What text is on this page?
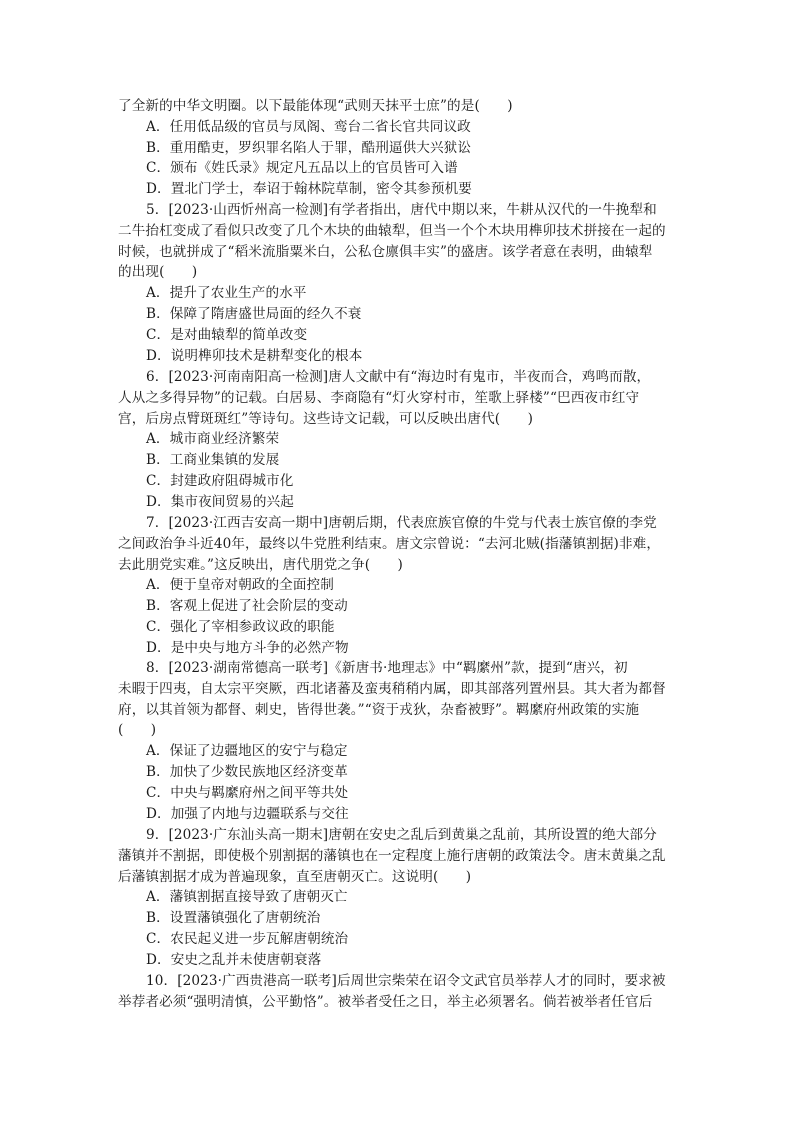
了全新的中华文明圈。以下最能体现“武则天抹平士庶”的是(　　)
A．任用低品级的官员与凤阁、鸾台二省长官共同议政
B．重用酷吏，罗织罪名陷人于罪，酷刑逼供大兴狱讼
C．颁布《姓氏录》规定凡五品以上的官员皆可入谱
D．置北门学士，奉诏于翰林院草制，密令其参预机要
5．[2023·山西忻州高一检测]有学者指出，唐代中期以来，牛耕从汉代的一牛挽犁和
二牛抬杠变成了看似只改变了几个木块的曲辕犁，但当一个个木块用榫卯技术拼接在一起的
时候，也就拼成了“稻米流脂粟米白，公私仓廪俱丰实”的盛唐。该学者意在表明，曲辕犁
的出现(　　)
A．提升了农业生产的水平
B．保障了隋唐盛世局面的经久不衰
C．是对曲辕犁的简单改变
D．说明榫卯技术是耕犁变化的根本
6．[2023·河南南阳高一检测]唐人文献中有“海边时有鬼市，半夜而合，鸡鸣而散，
人从之多得异物”的记载。白居易、李商隐有“灯火穿村市，笙歌上驿楼”“巴西夜市红守
宫，后房点臂斑斑红”等诗句。这些诗文记载，可以反映出唐代(　　)
A．城市商业经济繁荣
B．工商业集镇的发展
C．封建政府阻碍城市化
D．集市夜间贸易的兴起
7．[2023·江西吉安高一期中]唐朝后期，代表庶族官僚的牛党与代表士族官僚的李党
之间政治争斗近40年，最终以牛党胜利结束。唐文宗曾说：“去河北贼(指藩镇割据)非难，
去此朋党实难。”这反映出，唐代朋党之争(　　)
A．便于皇帝对朝政的全面控制
B．客观上促进了社会阶层的变动
C．强化了宰相参政议政的职能
D．是中央与地方斗争的必然产物
8．[2023·湖南常德高一联考]《新唐书·地理志》中“羁縻州”款，提到“唐兴，初
未暇于四夷，自太宗平突厥，西北诸蕃及蛮夷稍稍内属，即其部落列置州县。其大者为都督
府，以其首领为都督、刺史，皆得世袭。”“资于戎狄，杂畜被野”。羁縻府州政策的实施
(　　)
A．保证了边疆地区的安宁与稳定
B．加快了少数民族地区经济变革
C．中央与羁縻府州之间平等共处
D．加强了内地与边疆联系与交往
9．[2023·广东汕头高一期末]唐朝在安史之乱后到黄巢之乱前，其所设置的绝大部分
藩镇并不割据，即使极个别割据的藩镇也在一定程度上施行唐朝的政策法令。唐末黄巢之乱
后藩镇割据才成为普遍现象，直至唐朝灭亡。这说明(　　)
A．藩镇割据直接导致了唐朝灭亡
B．设置藩镇强化了唐朝统治
C．农民起义进一步瓦解唐朝统治
D．安史之乱并未使唐朝衰落
10．[2023·广西贵港高一联考]后周世宗柴荣在诏令文武官员举荐人才的同时，要求被
举荐者必须“强明清慎，公平勤恪”。被举者受任之日，举主必须署名。倘若被举者任官后
